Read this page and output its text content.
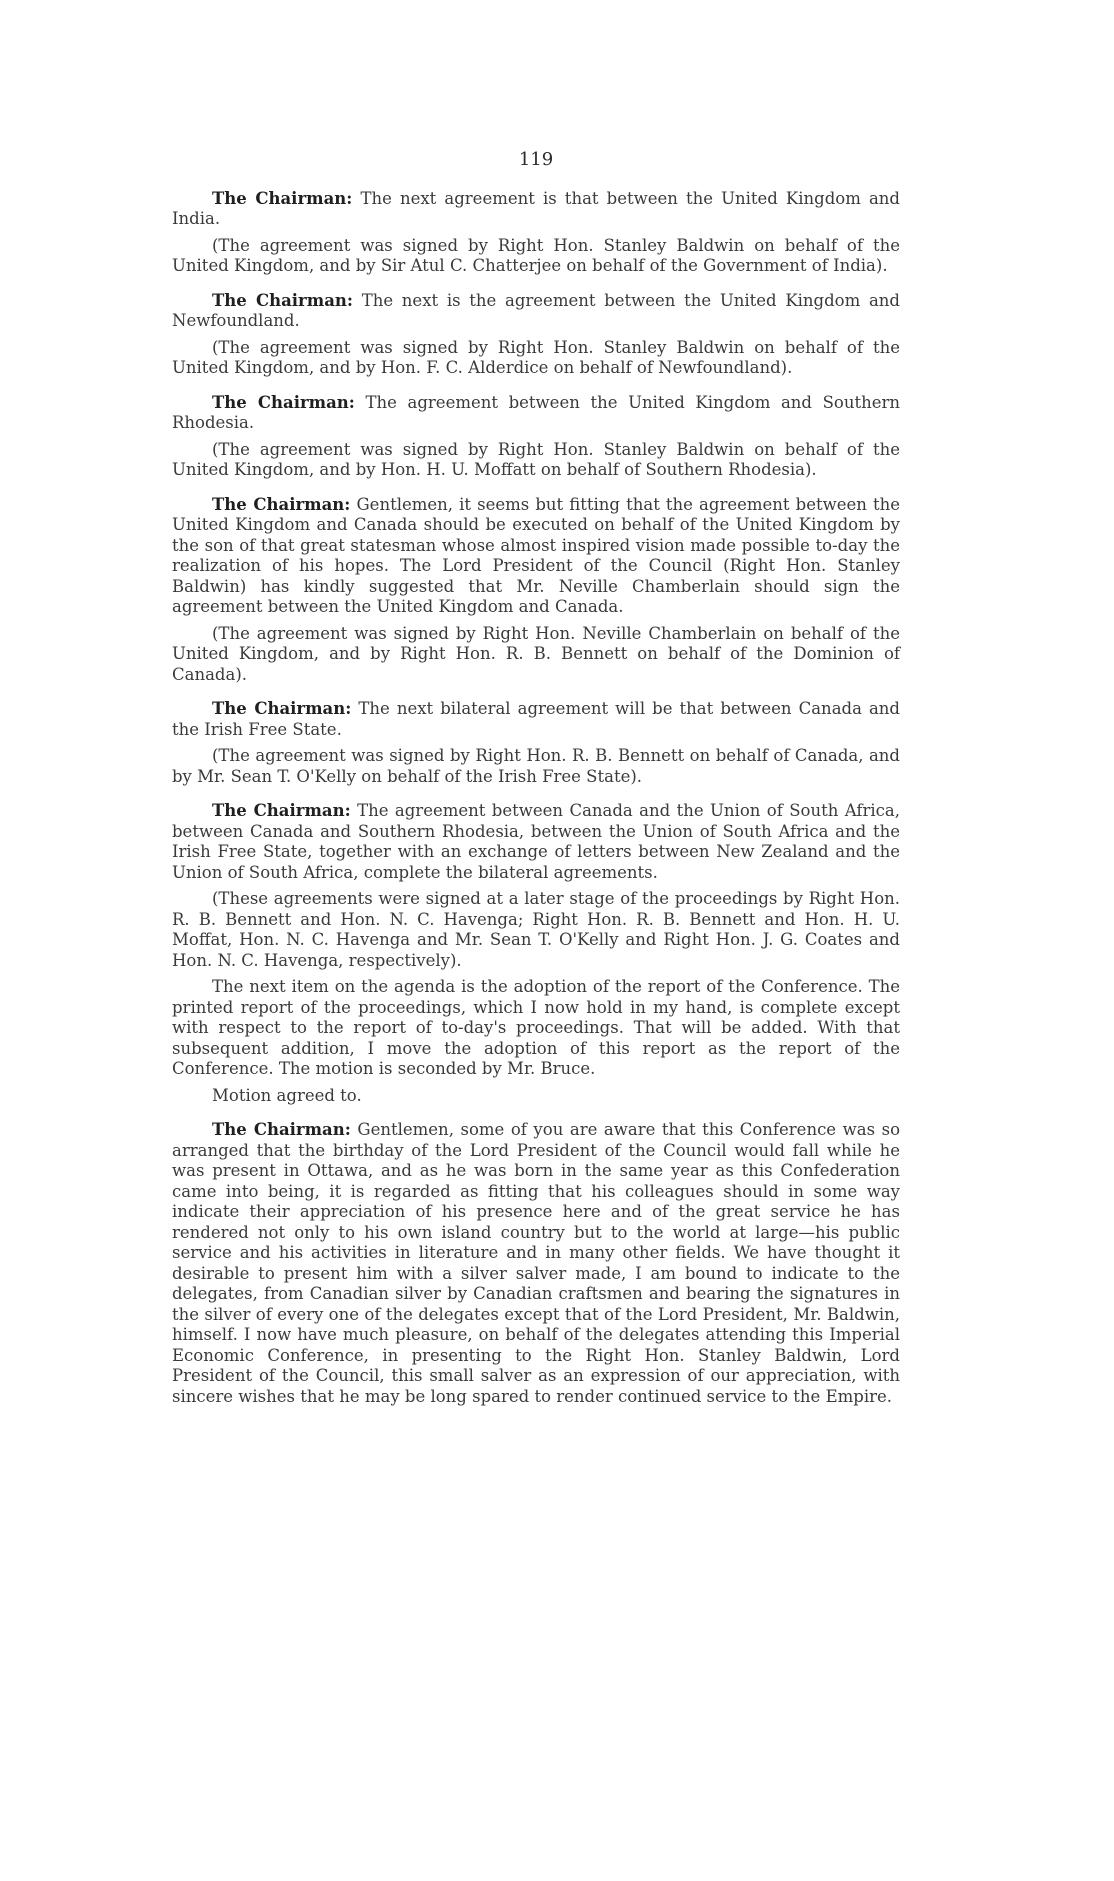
119

The Chairman: The next agreement is that between the United Kingdom and India.

(The agreement was signed by Right Hon. Stanley Baldwin on behalf of the United Kingdom, and by Sir Atul C. Chatterjee on behalf of the Government of India).

The Chairman: The next is the agreement between the United Kingdom and Newfoundland.

(The agreement was signed by Right Hon. Stanley Baldwin on behalf of the United Kingdom, and by Hon. F. C. Alderdice on behalf of Newfoundland).

The Chairman: The agreement between the United Kingdom and Southern Rhodesia.

(The agreement was signed by Right Hon. Stanley Baldwin on behalf of the United Kingdom, and by Hon. H. U. Moffatt on behalf of Southern Rhodesia).

The Chairman: Gentlemen, it seems but fitting that the agreement between the United Kingdom and Canada should be executed on behalf of the United Kingdom by the son of that great statesman whose almost inspired vision made possible to-day the realization of his hopes. The Lord President of the Council (Right Hon. Stanley Baldwin) has kindly suggested that Mr. Neville Chamberlain should sign the agreement between the United Kingdom and Canada.

(The agreement was signed by Right Hon. Neville Chamberlain on behalf of the United Kingdom, and by Right Hon. R. B. Bennett on behalf of the Dominion of Canada).

The Chairman: The next bilateral agreement will be that between Canada and the Irish Free State.

(The agreement was signed by Right Hon. R. B. Bennett on behalf of Canada, and by Mr. Sean T. O'Kelly on behalf of the Irish Free State).

The Chairman: The agreement between Canada and the Union of South Africa, between Canada and Southern Rhodesia, between the Union of South Africa and the Irish Free State, together with an exchange of letters between New Zealand and the Union of South Africa, complete the bilateral agreements.

(These agreements were signed at a later stage of the proceedings by Right Hon. R. B. Bennett and Hon. N. C. Havenga; Right Hon. R. B. Bennett and Hon. H. U. Moffat, Hon. N. C. Havenga and Mr. Sean T. O'Kelly and Right Hon. J. G. Coates and Hon. N. C. Havenga, respectively).

The next item on the agenda is the adoption of the report of the Conference. The printed report of the proceedings, which I now hold in my hand, is complete except with respect to the report of to-day's proceedings. That will be added. With that subsequent addition, I move the adoption of this report as the report of the Conference. The motion is seconded by Mr. Bruce.

Motion agreed to.

The Chairman: Gentlemen, some of you are aware that this Conference was so arranged that the birthday of the Lord President of the Council would fall while he was present in Ottawa, and as he was born in the same year as this Confederation came into being, it is regarded as fitting that his colleagues should in some way indicate their appreciation of his presence here and of the great service he has rendered not only to his own island country but to the world at large—his public service and his activities in literature and in many other fields. We have thought it desirable to present him with a silver salver made, I am bound to indicate to the delegates, from Canadian silver by Canadian craftsmen and bearing the signatures in the silver of every one of the delegates except that of the Lord President, Mr. Baldwin, himself. I now have much pleasure, on behalf of the delegates attending this Imperial Economic Conference, in presenting to the Right Hon. Stanley Baldwin, Lord President of the Council, this small salver as an expression of our appreciation, with sincere wishes that he may be long spared to render continued service to the Empire.
